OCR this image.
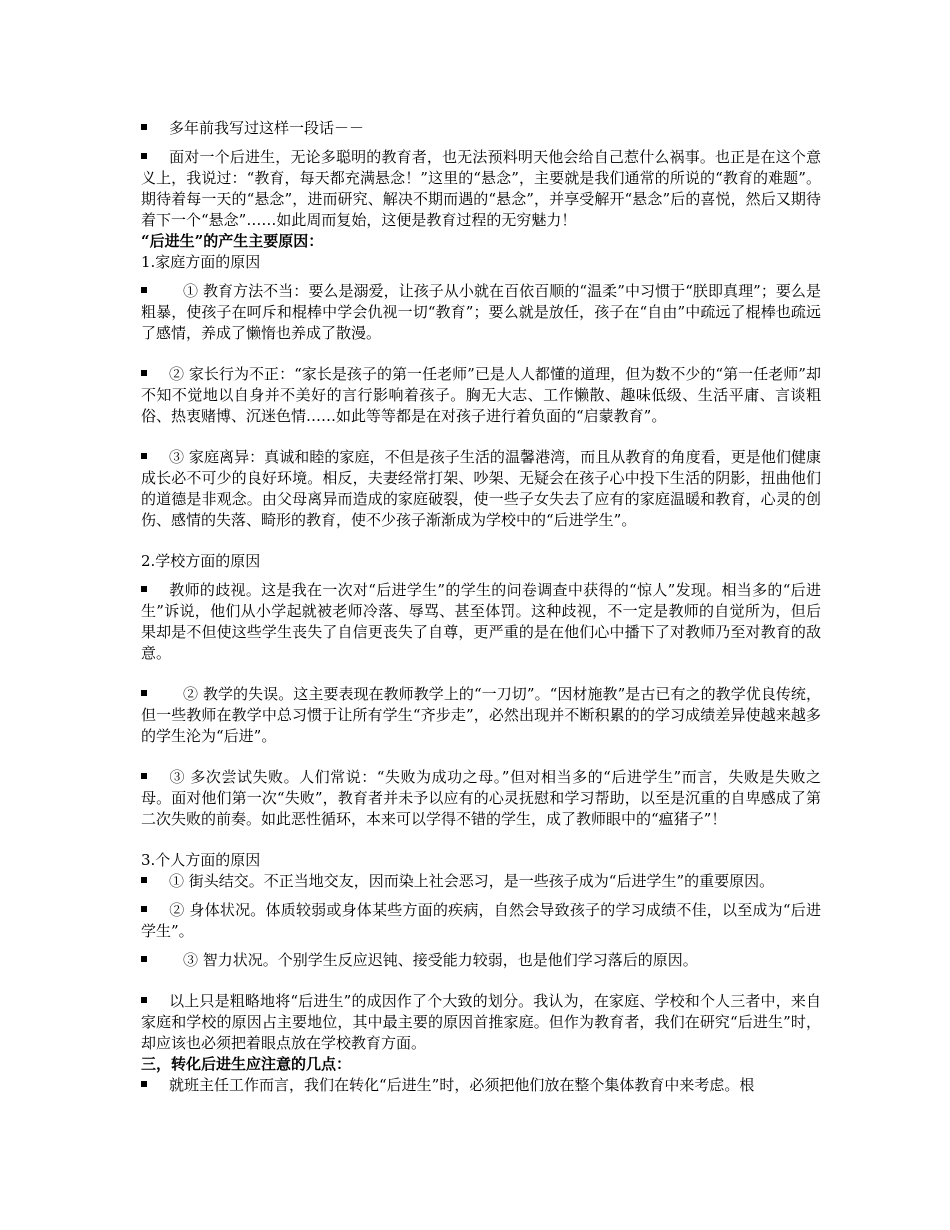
多年前我写过这样一段话－－

面对一个后进生，无论多聪明的教育者，也无法预料明天他会给自己惹什么祸事。也正是在这个意义上，我说过：“教育，每天都充满悬念！”这里的“悬念”，主要就是我们通常的所说的“教育的难题”。期待着每一天的“悬念”，进而研究、解决不期而遇的“悬念”，并享受解开“悬念”后的喜悦，然后又期待着下一个“悬念”……如此周而复始，这便是教育过程的无穷魅力！

“后进生”的产生主要原因：

1.家庭方面的原因

① 教育方法不当：要么是溺爱，让孩子从小就在百依百顺的“温柔”中习惯于“朕即真理”；要么是粗暴，使孩子在呵斥和棍棒中学会仇视一切“教育”；要么就是放任，孩子在“自由”中疏远了棍棒也疏远了感情，养成了懒惰也养成了散漫。

② 家长行为不正：“家长是孩子的第一任老师”已是人人都懂的道理，但为数不少的“第一任老师”却不知不觉地以自身并不美好的言行影响着孩子。胸无大志、工作懒散、趣味低级、生活平庸、言谈粗俗、热衷赌博、沉迷色情……如此等等都是在对孩子进行着负面的“启蒙教育”。

③ 家庭离异：真诚和睦的家庭，不但是孩子生活的温馨港湾，而且从教育的角度看，更是他们健康成长必不可少的良好环境。相反，夫妻经常打架、吵架、无疑会在孩子心中投下生活的阴影，扭曲他们的道德是非观念。由父母离异而造成的家庭破裂，使一些子女失去了应有的家庭温暖和教育，心灵的创伤、感情的失落、畸形的教育，使不少孩子渐渐成为学校中的“后进学生”。

2.学校方面的原因

教师的歧视。这是我在一次对“后进学生”的学生的问卷调查中获得的“惊人”发现。相当多的“后进生”诉说，他们从小学起就被老师冷落、辱骂、甚至体罚。这种歧视，不一定是教师的自觉所为，但后果却是不但使这些学生丧失了自信更丧失了自尊，更严重的是在他们心中播下了对教师乃至对教育的敌意。

② 教学的失误。这主要表现在教师教学上的“一刀切”。“因材施教”是古已有之的教学优良传统，但一些教师在教学中总习惯于让所有学生“齐步走”，必然出现并不断积累的的学习成绩差异使越来越多的学生沦为“后进”。

③ 多次尝试失败。人们常说：“失败为成功之母。”但对相当多的“后进学生”而言，失败是失败之母。面对他们第一次“失败”，教育者并未予以应有的心灵抚慰和学习帮助，以至是沉重的自卑感成了第二次失败的前奏。如此恶性循环，本来可以学得不错的学生，成了教师眼中的“瘟猪子”！

3.个人方面的原因

① 街头结交。不正当地交友，因而染上社会恶习，是一些孩子成为“后进学生”的重要原因。

② 身体状况。体质较弱或身体某些方面的疾病，自然会导致孩子的学习成绩不佳，以至成为“后进学生”。

③ 智力状况。个别学生反应迟钝、接受能力较弱，也是他们学习落后的原因。

以上只是粗略地将“后进生”的成因作了个大致的划分。我认为，在家庭、学校和个人三者中，来自家庭和学校的原因占主要地位，其中最主要的原因首推家庭。但作为教育者，我们在研究“后进生”时，却应该也必须把着眼点放在学校教育方面。

三，转化后进生应注意的几点：

就班主任工作而言，我们在转化“后进生”时，必须把他们放在整个集体教育中来考虑。根
